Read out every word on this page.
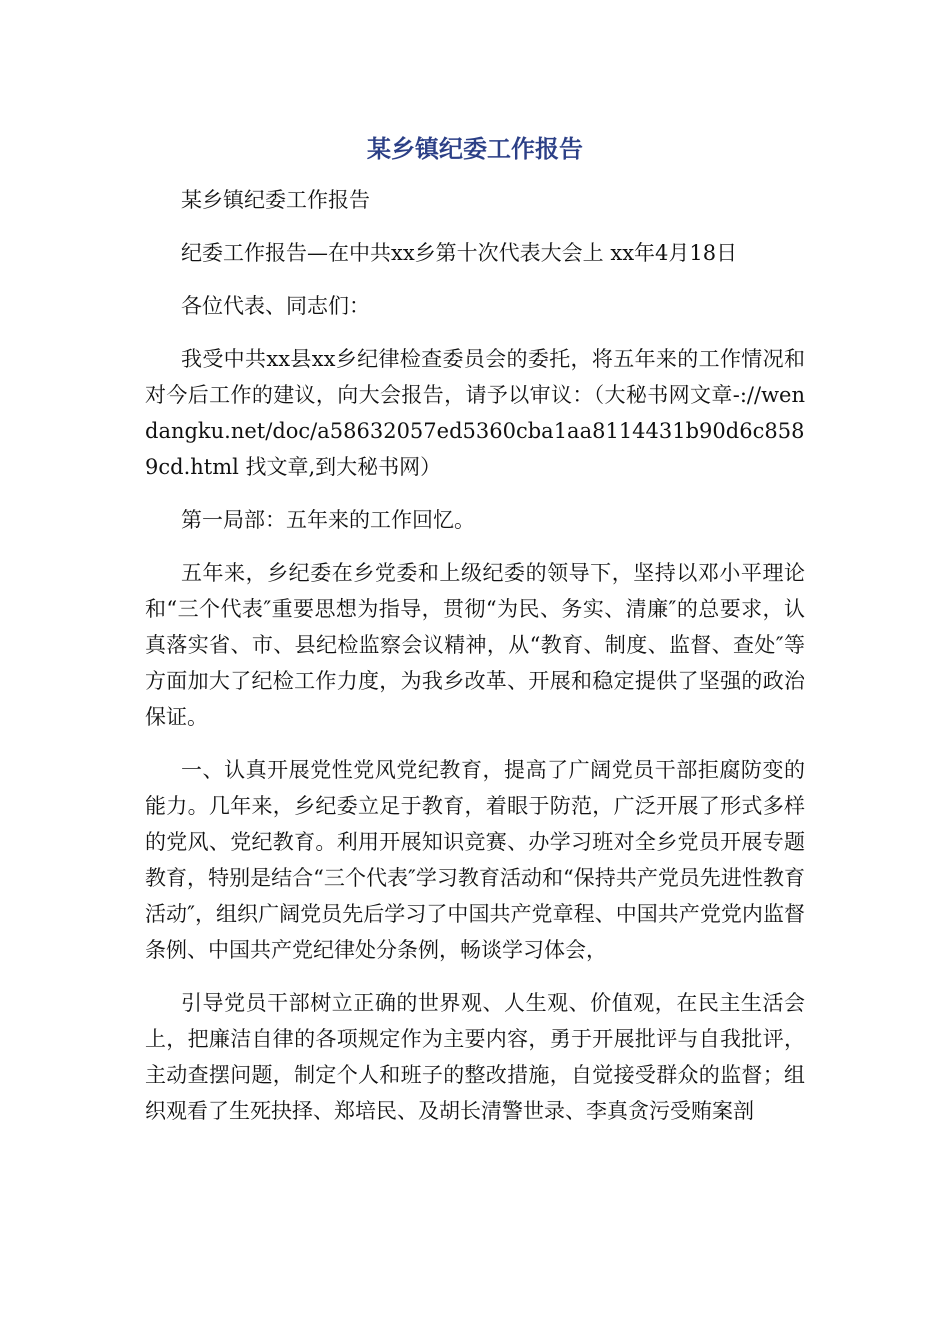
某乡镇纪委工作报告

某乡镇纪委工作报告

纪委工作报告—在中共xx乡第十次代表大会上 xx年4月18日

各位代表、同志们：

我受中共xx县xx乡纪律检查委员会的委托，将五年来的工作情况和对今后工作的建议，向大会报告，请予以审议：（大秘书网文章-://wendangku.net/doc/a58632057ed5360cba1aa8114431b90d6c8589cd.html 找文章,到大秘书网）

第一局部：五年来的工作回忆。

五年来，乡纪委在乡党委和上级纪委的领导下，坚持以邓小平理论和“三个代表″重要思想为指导，贯彻“为民、务实、清廉″的总要求，认真落实省、市、县纪检监察会议精神，从“教育、制度、监督、查处″等方面加大了纪检工作力度，为我乡改革、开展和稳定提供了坚强的政治保证。

一、认真开展党性党风党纪教育，提高了广阔党员干部拒腐防变的能力。几年来，乡纪委立足于教育，着眼于防范，广泛开展了形式多样的党风、党纪教育。利用开展知识竞赛、办学习班对全乡党员开展专题教育，特别是结合“三个代表″学习教育活动和“保持共产党员先进性教育活动″，组织广阔党员先后学习了中国共产党章程、中国共产党党内监督条例、中国共产党纪律处分条例，畅谈学习体会，

引导党员干部树立正确的世界观、人生观、价值观，在民主生活会上，把廉洁自律的各项规定作为主要内容，勇于开展批评与自我批评，主动查摆问题，制定个人和班子的整改措施，自觉接受群众的监督；组织观看了生死抉择、郑培民、及胡长清警世录、李真贪污受贿案剖
